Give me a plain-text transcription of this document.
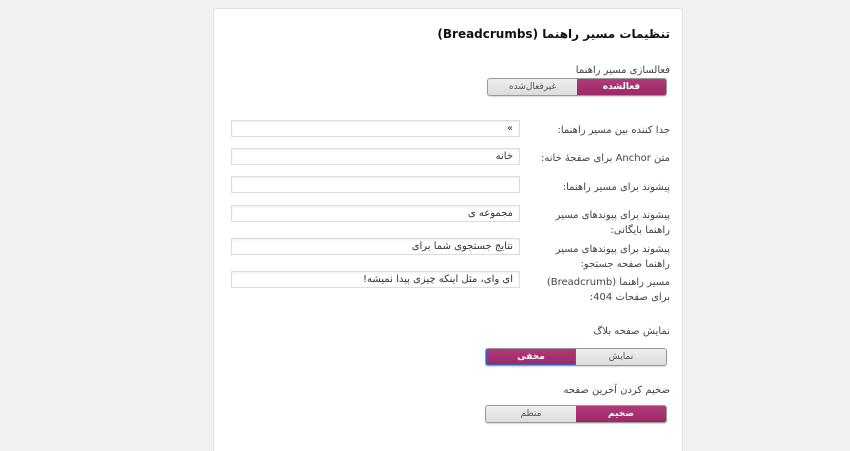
تنظیمات مسیر راهنما (Breadcrumbs)
فعالسازی مسیر راهنما
فعالشده
غیرفعال‌شده
جدا کننده بین مسیر راهنما:
»
متن Anchor برای صفحهٔ خانه:
خانه
پیشوند برای مسیر راهنما:
پیشوند برای پیوندهای مسیر راهنما بایگانی:
مجموعه ی
پیشوند برای پیوندهای مسیر راهنما صفحه جستجو:
نتایج جستجوی شما برای
مسیر راهنما (Breadcrumb) برای صفحات 404:
ای وای، مثل اینکه چیزی پیدا نمیشه!
نمایش صفحه بلاگ
نمایش
مخفی
ضخیم کردن آخرین صفحه
ضخیم
منظم
